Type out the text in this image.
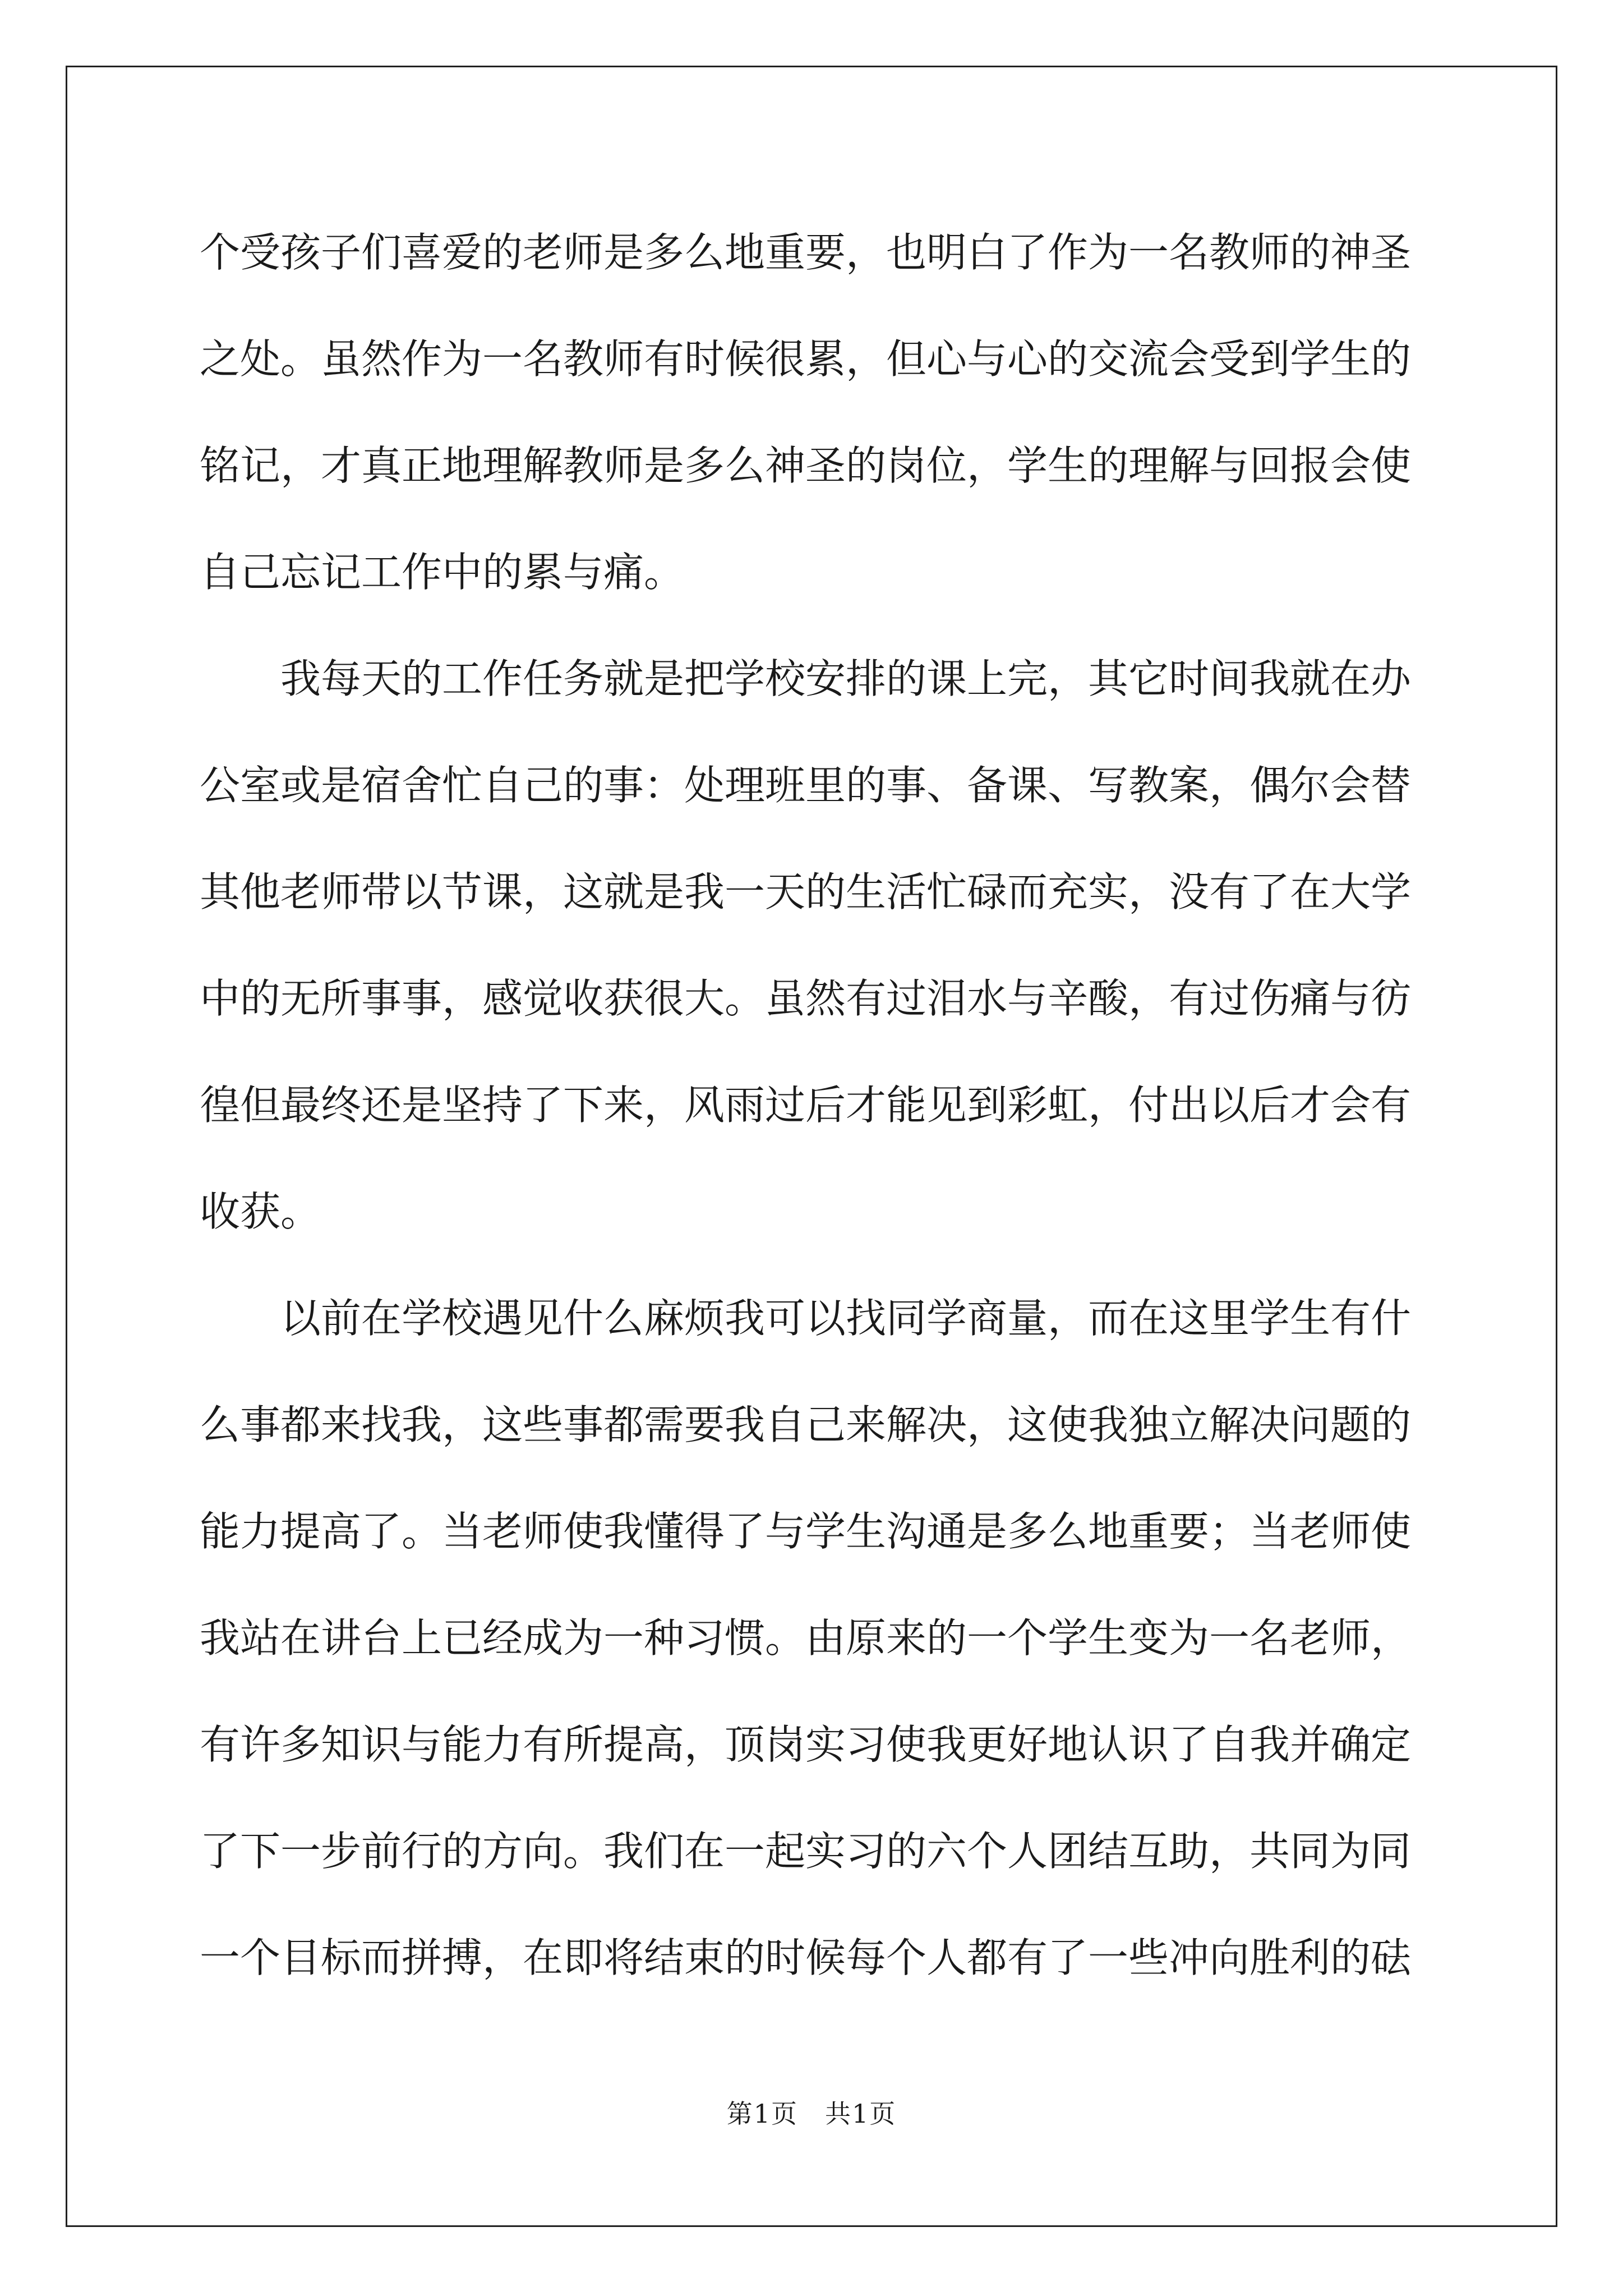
个受孩子们喜爱的老师是多么地重要，也明白了作为一名教师的神圣
之处。虽然作为一名教师有时候很累，但心与心的交流会受到学生的
铭记，才真正地理解教师是多么神圣的岗位，学生的理解与回报会使
自己忘记工作中的累与痛。
　　我每天的工作任务就是把学校安排的课上完，其它时间我就在办
公室或是宿舍忙自己的事：处理班里的事、备课、写教案，偶尔会替
其他老师带以节课，这就是我一天的生活忙碌而充实，没有了在大学
中的无所事事，感觉收获很大。虽然有过泪水与辛酸，有过伤痛与彷
徨但最终还是坚持了下来，风雨过后才能见到彩虹，付出以后才会有
收获。
　　以前在学校遇见什么麻烦我可以找同学商量，而在这里学生有什
么事都来找我，这些事都需要我自己来解决，这使我独立解决问题的
能力提高了。当老师使我懂得了与学生沟通是多么地重要；当老师使
我站在讲台上已经成为一种习惯。由原来的一个学生变为一名老师，
有许多知识与能力有所提高，顶岗实习使我更好地认识了自我并确定
了下一步前行的方向。我们在一起实习的六个人团结互助，共同为同
一个目标而拼搏，在即将结束的时候每个人都有了一些冲向胜利的砝
第1页　共1页
